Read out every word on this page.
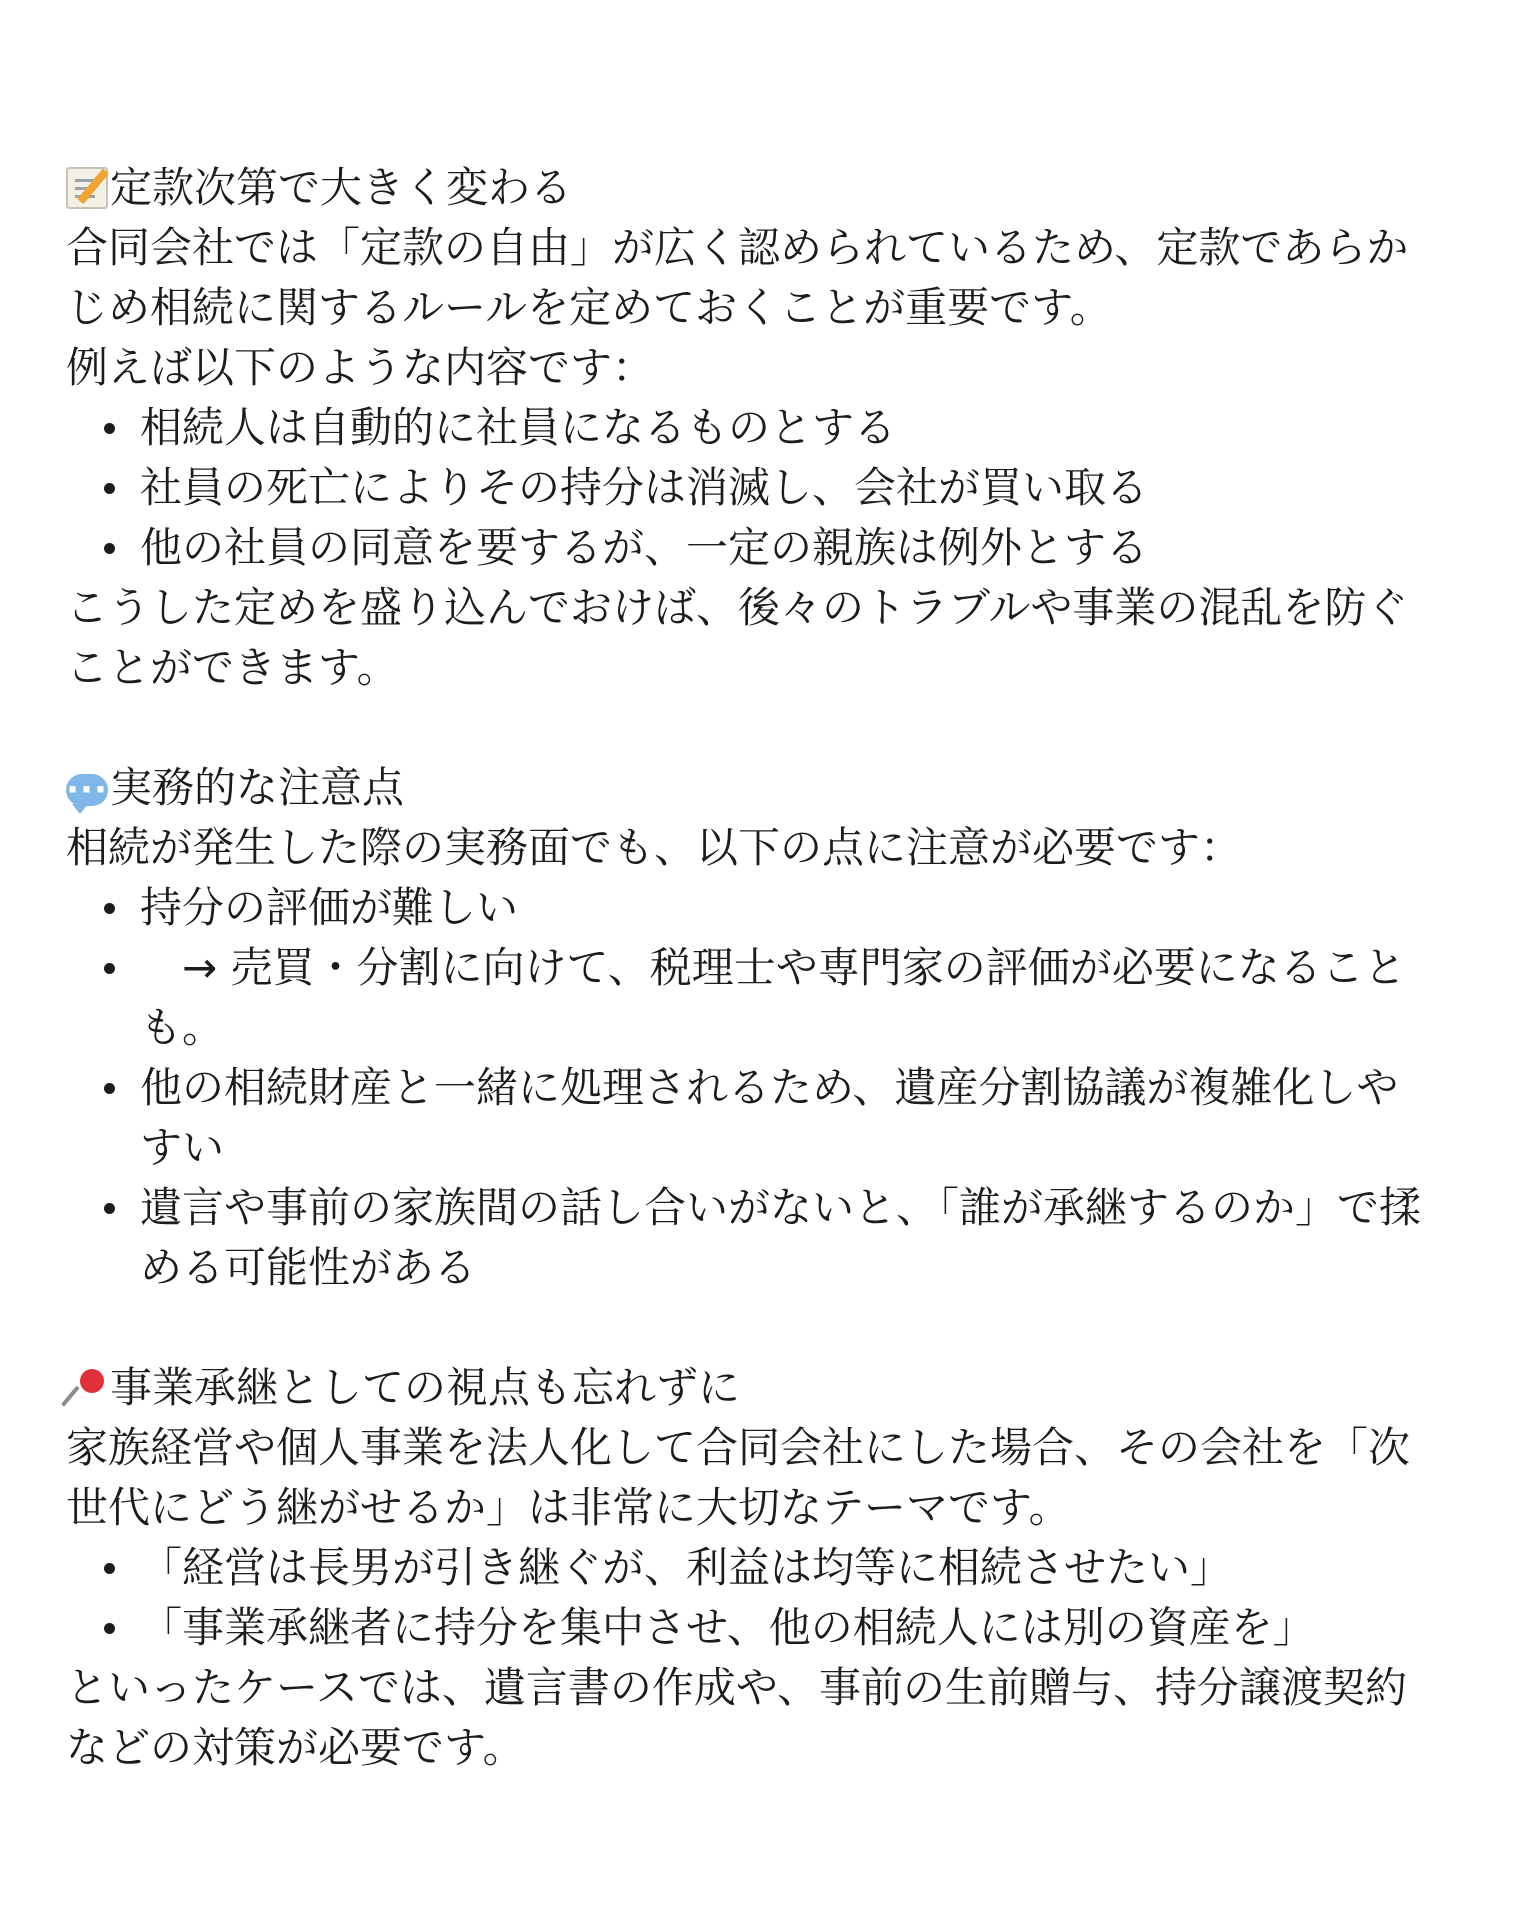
定款次第で大きく変わる

合同会社では「定款の自由」が広く認められているため、定款であらか

じめ相続に関するルールを定めておくことが重要です。

例えば以下のような内容です：

相続人は自動的に社員になるものとする
社員の死亡によりその持分は消滅し、会社が買い取る
他の社員の同意を要するが、一定の親族は例外とする

こうした定めを盛り込んでおけば、後々のトラブルや事業の混乱を防ぐ

ことができます。

···
実務的な注意点

相続が発生した際の実務面でも、以下の点に注意が必要です：

持分の評価が難しい
→ 売買・分割に向けて、税理士や専門家の評価が必要になること
も。
他の相続財産と一緒に処理されるため、遺産分割協議が複雑化しや
すい
遺言や事前の家族間の話し合いがないと、「誰が承継するのか」で揉
める可能性がある
事業承継としての視点も忘れずに

家族経営や個人事業を法人化して合同会社にした場合、その会社を「次

世代にどう継がせるか」は非常に大切なテーマです。

「経営は長男が引き継ぐが、利益は均等に相続させたい」
「事業承継者に持分を集中させ、他の相続人には別の資産を」

といったケースでは、遺言書の作成や、事前の生前贈与、持分譲渡契約

などの対策が必要です。
